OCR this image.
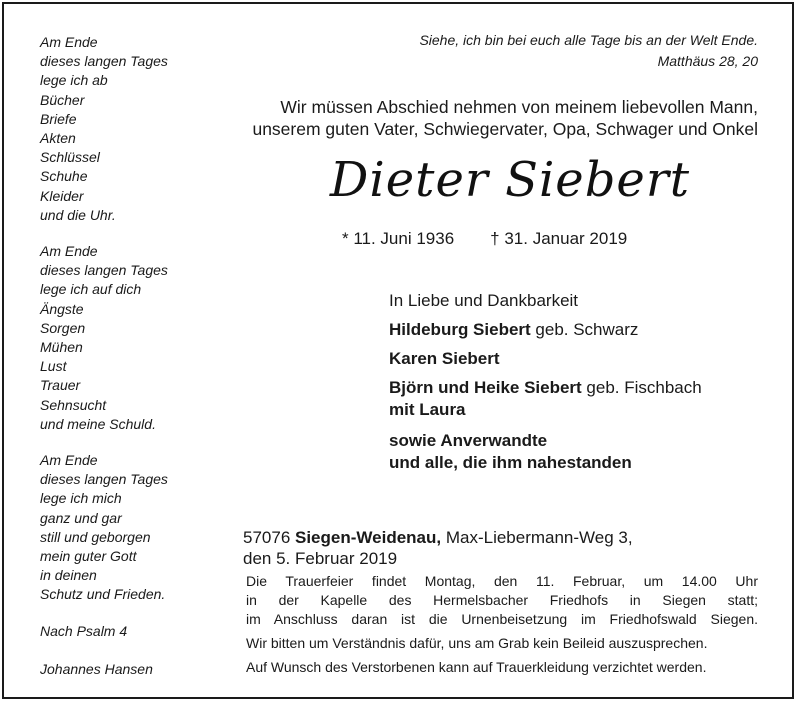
Am Ende
dieses langen Tages
lege ich ab
Bücher
Briefe
Akten
Schlüssel
Schuhe
Kleider
und die Uhr.
Am Ende
dieses langen Tages
lege ich auf dich
Ängste
Sorgen
Mühen
Lust
Trauer
Sehnsucht
und meine Schuld.
Am Ende
dieses langen Tages
lege ich mich
ganz und gar
still und geborgen
mein guter Gott
in deinen
Schutz und Frieden.
Nach Psalm 4
Johannes Hansen
Siehe, ich bin bei euch alle Tage bis an der Welt Ende.
Matthäus 28, 20
Wir müssen Abschied nehmen von meinem liebevollen Mann,
unserem guten Vater, Schwiegervater, Opa, Schwager und Onkel
Dieter Siebert
* 11. Juni 1936 † 31. Januar 2019
In Liebe und Dankbarkeit
Hildeburg Siebert geb. Schwarz
Karen Siebert
Björn und Heike Siebert geb. Fischbach
mit Laura
sowie Anverwandte
und alle, die ihm nahestanden
57076 Siegen-Weidenau, Max-Liebermann-Weg 3,
den 5. Februar 2019
Die Trauerfeier findet Montag, den 11. Februar, um 14.00 Uhr
in der Kapelle des Hermelsbacher Friedhofs in Siegen statt;
im Anschluss daran ist die Urnenbeisetzung im Friedhofswald Siegen.
Wir bitten um Verständnis dafür, uns am Grab kein Beileid auszusprechen.
Auf Wunsch des Verstorbenen kann auf Trauerkleidung verzichtet werden.
